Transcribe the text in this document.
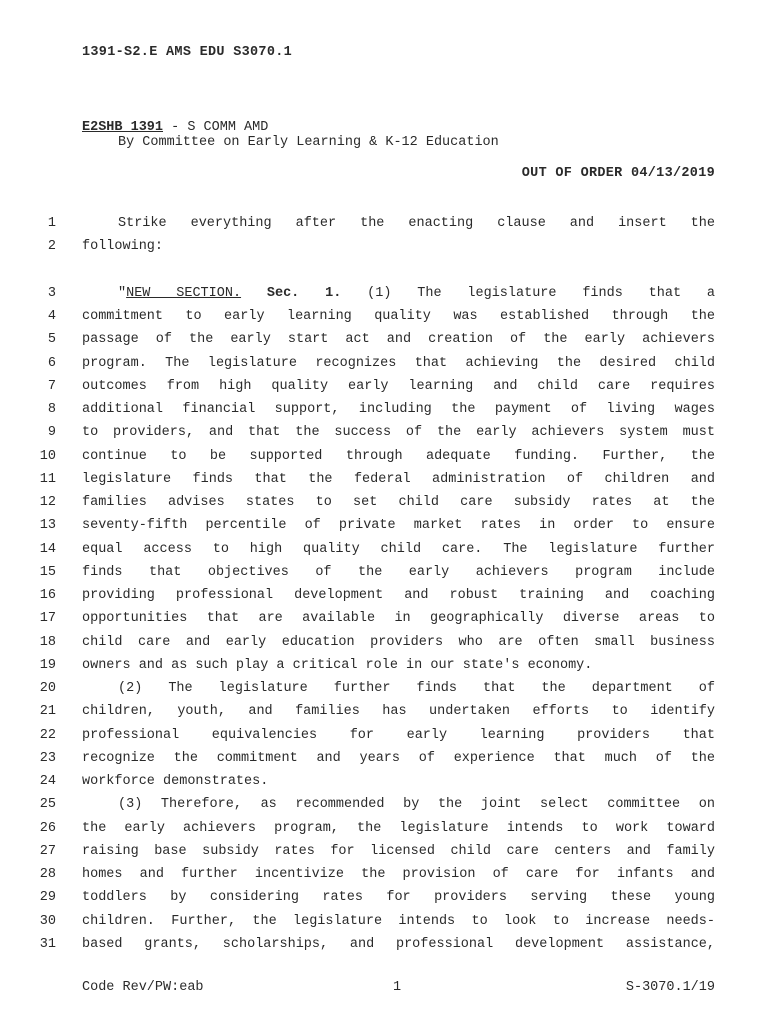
1391-S2.E AMS EDU S3070.1
E2SHB 1391 - S COMM AMD
By Committee on Early Learning & K-12 Education
OUT OF ORDER 04/13/2019
1	Strike everything after the enacting clause and insert the
2 following:
3	"NEW SECTION. Sec. 1. (1) The legislature finds that a
4 commitment to early learning quality was established through the
5 passage of the early start act and creation of the early achievers
6 program. The legislature recognizes that achieving the desired child
7 outcomes from high quality early learning and child care requires
8 additional financial support, including the payment of living wages
9 to providers, and that the success of the early achievers system must
10 continue to be supported through adequate funding. Further, the
11 legislature finds that the federal administration of children and
12 families advises states to set child care subsidy rates at the
13 seventy-fifth percentile of private market rates in order to ensure
14 equal access to high quality child care. The legislature further
15 finds that objectives of the early achievers program include
16 providing professional development and robust training and coaching
17 opportunities that are available in geographically diverse areas to
18 child care and early education providers who are often small business
19 owners and as such play a critical role in our state's economy.
20	(2) The legislature further finds that the department of
21 children, youth, and families has undertaken efforts to identify
22 professional equivalencies for early learning providers that
23 recognize the commitment and years of experience that much of the
24 workforce demonstrates.
25	(3) Therefore, as recommended by the joint select committee on
26 the early achievers program, the legislature intends to work toward
27 raising base subsidy rates for licensed child care centers and family
28 homes and further incentivize the provision of care for infants and
29 toddlers by considering rates for providers serving these young
30 children. Further, the legislature intends to look to increase needs-
31 based grants, scholarships, and professional development assistance,
Code Rev/PW:eab	1	S-3070.1/19
